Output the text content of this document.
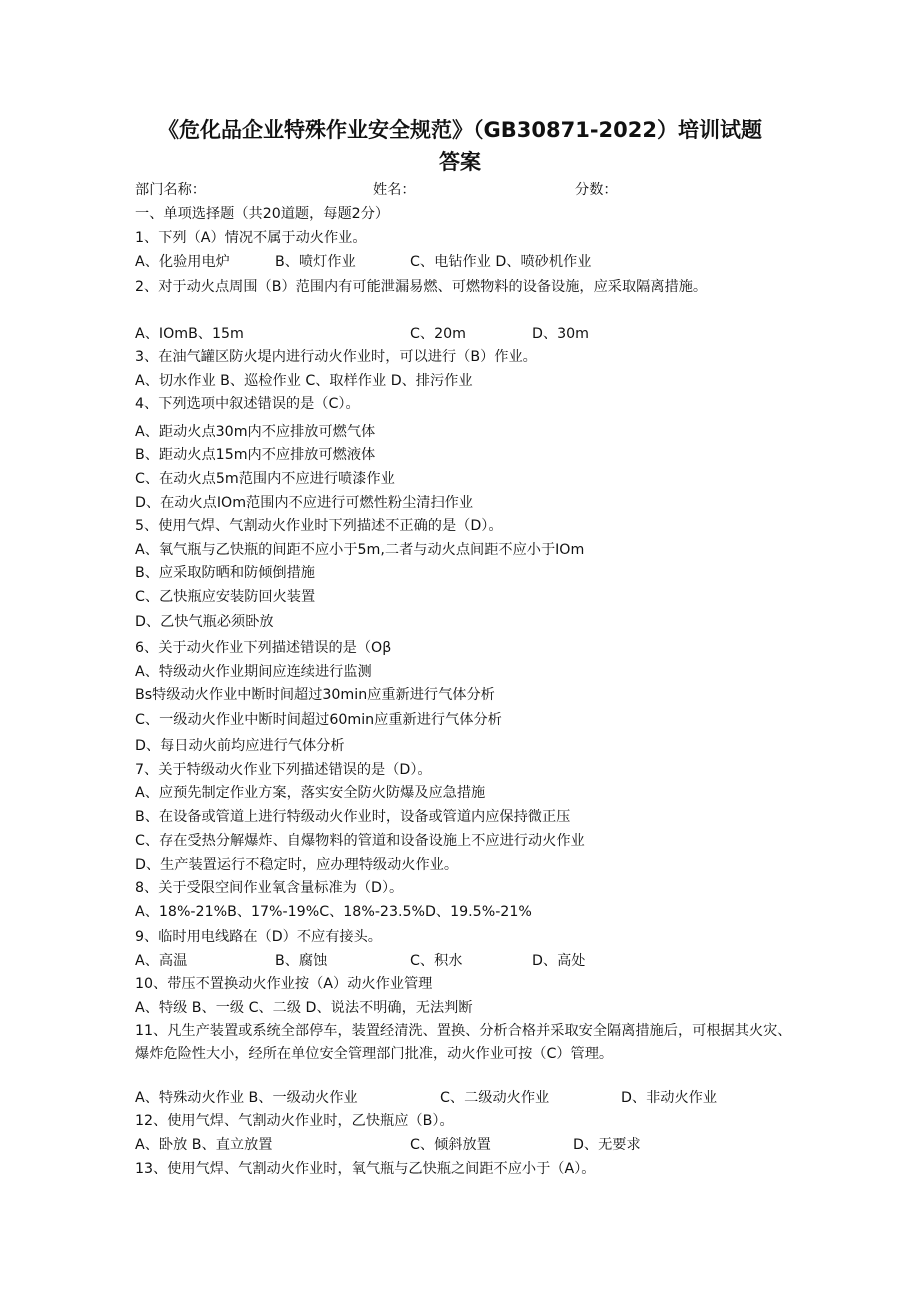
《危化品企业特殊作业安全规范》（GB30871-2022）培训试题
答案
部门名称：	姓名：	分数：
一、单项选择题（共20道题，每题2分）
1、下列（A）情况不属于动火作业。
A、化验用电炉	B、喷灯作业	C、电钻作业 D、喷砂机作业
2、对于动火点周围（B）范围内有可能泄漏易燃、可燃物料的设备设施，应采取隔离措施。
A、IOmB、15m	C、20m	D、30m
3、在油气罐区防火堤内进行动火作业时，可以进行（B）作业。
A、切水作业 B、巡检作业 C、取样作业 D、排污作业
4、下列选项中叙述错误的是（C）。
A、距动火点30m内不应排放可燃气体
B、距动火点15m内不应排放可燃液体
C、在动火点5m范围内不应进行喷漆作业
D、在动火点IOm范围内不应进行可燃性粉尘清扫作业
5、使用气焊、气割动火作业时下列描述不正确的是（D）。
A、氧气瓶与乙快瓶的间距不应小于5m,二者与动火点间距不应小于IOm
B、应采取防晒和防倾倒措施
C、乙快瓶应安装防回火装置
D、乙快气瓶必须卧放
6、关于动火作业下列描述错误的是（Oβ
A、特级动火作业期间应连续进行监测
Bs特级动火作业中断时间超过30min应重新进行气体分析
C、一级动火作业中断时间超过60min应重新进行气体分析
D、每日动火前均应进行气体分析
7、关于特级动火作业下列描述错误的是（D）。
A、应预先制定作业方案，落实安全防火防爆及应急措施
B、在设备或管道上进行特级动火作业时，设备或管道内应保持微正压
C、存在受热分解爆炸、自爆物料的管道和设备设施上不应进行动火作业
D、生产装置运行不稳定时，应办理特级动火作业。
8、关于受限空间作业氧含量标准为（D）。
A、18%-21%B、17%-19%C、18%-23.5%D、19.5%-21%
9、临时用电线路在（D）不应有接头。
A、高温	B、腐蚀	C、积水	D、高处
10、带压不置换动火作业按（A）动火作业管理
A、特级 B、一级 C、二级 D、说法不明确，无法判断
11、凡生产装置或系统全部停车，装置经清洗、置换、分析合格并采取安全隔离措施后，可根据其火灾、爆炸危险性大小，经所在单位安全管理部门批准，动火作业可按（C）管理。
A、特殊动火作业 B、一级动火作业	C、二级动火作业	D、非动火作业
12、使用气焊、气割动火作业时，乙快瓶应（B）。
A、卧放 B、直立放置	C、倾斜放置	D、无要求
13、使用气焊、气割动火作业时，氧气瓶与乙快瓶之间距不应小于（A）。
